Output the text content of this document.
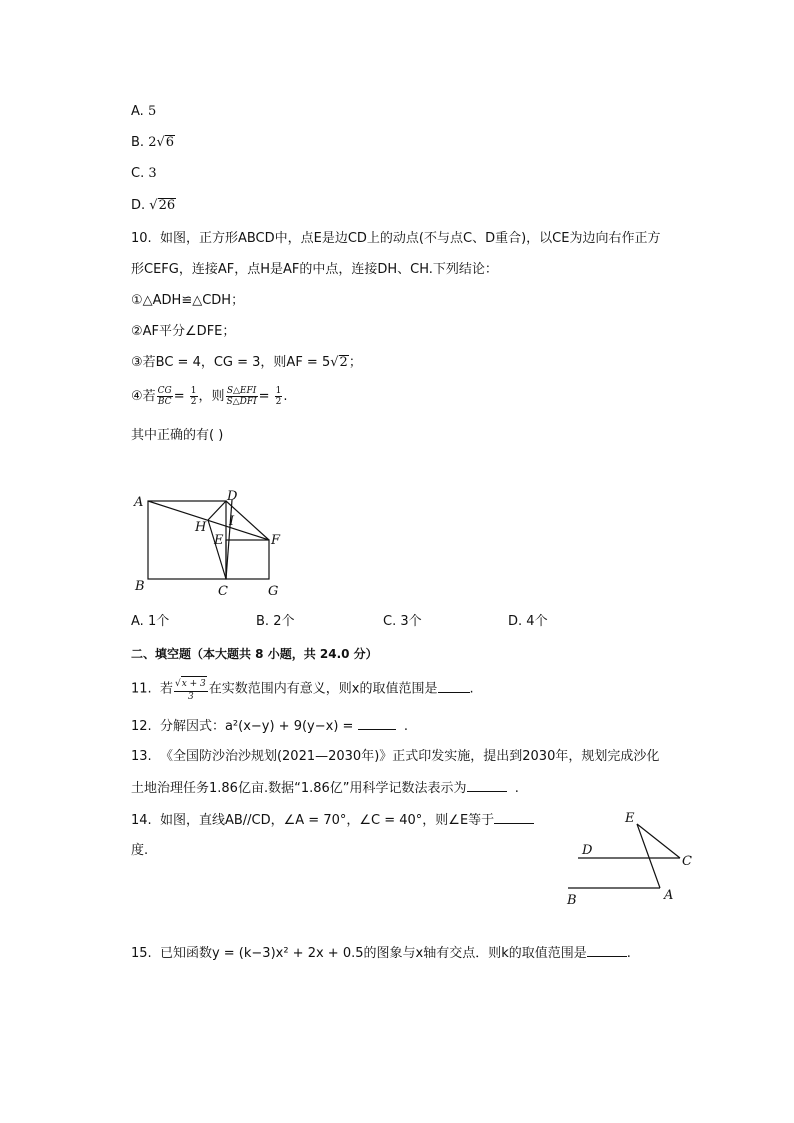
A. 5
B. 2√6
C. 3
D. √26
10. 如图，正方形ABCD中，点E是边CD上的动点(不与点C、D重合)，以CE为边向右作正方
形CEFG，连接AF，点H是AF的中点，连接DH、CH.下列结论：
①△ADH≌△CDH；
②AF平分∠DFE；
③若BC = 4，CG = 3，则AF = 5√2；
④若 $\frac{CG}{BC} = \frac{1}{2}$ ，则 $\frac{\text{S△EFI}}{\text{S△DFI}} = \frac{1}{2}$ .
其中正确的有( )
A	D
H I
E	F
B	C	G
A. 1个	B. 2个	C. 3个	D. 4个
二、填空题（本大题共 8 小题，共 24.0 分）
11. 若 $\frac{√x + 3}{3}$ 在实数范围内有意义，则x的取值范围是 .
12. 分解因式：a²(x−y) + 9(y−x) =	.
13. 《全国防沙治沙规划(2021—2030年)》正式印发实施，提出到2030年，规划完成沙化
土地治理任务1.86亿亩.数据“1.86亿”用科学记数法表示为	.
14. 如图，直线AB//CD，∠A = 70°，∠C = 40°，则∠E等于
度.
E
D
C
B	A
15. 已知函数y = (k−3)x² + 2x + 0.5的图象与x轴有交点．则k的取值范围是	.
